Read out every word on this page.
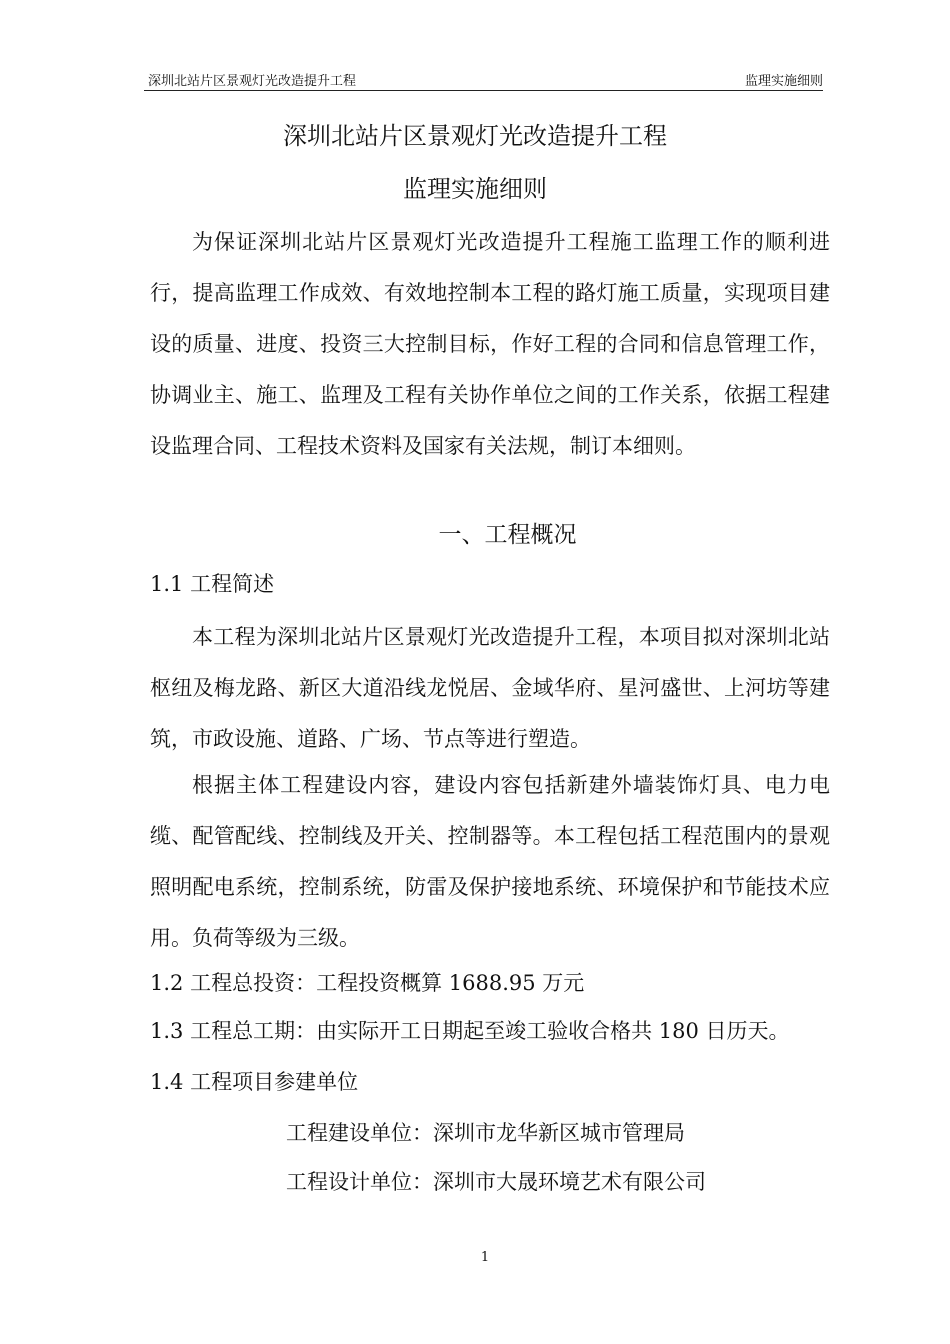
深圳北站片区景观灯光改造提升工程	监理实施细则
深圳北站片区景观灯光改造提升工程
监理实施细则

为保证深圳北站片区景观灯光改造提升工程施工监理工作的顺利进行，提高监理工作成效、有效地控制本工程的路灯施工质量，实现项目建设的质量、进度、投资三大控制目标，作好工程的合同和信息管理工作，协调业主、施工、监理及工程有关协作单位之间的工作关系，依据工程建设监理合同、工程技术资料及国家有关法规，制订本细则。

一、工程概况
1.1 工程简述

本工程为深圳北站片区景观灯光改造提升工程，本项目拟对深圳北站枢纽及梅龙路、新区大道沿线龙悦居、金域华府、星河盛世、上河坊等建筑，市政设施、道路、广场、节点等进行塑造。

根据主体工程建设内容，建设内容包括新建外墙装饰灯具、电力电缆、配管配线、控制线及开关、控制器等。本工程包括工程范围内的景观照明配电系统，控制系统，防雷及保护接地系统、环境保护和节能技术应用。负荷等级为三级。

1.2 工程总投资：工程投资概算 1688.95 万元
1.3 工程总工期：由实际开工日期起至竣工验收合格共 180 日历天。
1.4 工程项目参建单位
工程建设单位：深圳市龙华新区城市管理局
工程设计单位：深圳市大晟环境艺术有限公司
1
